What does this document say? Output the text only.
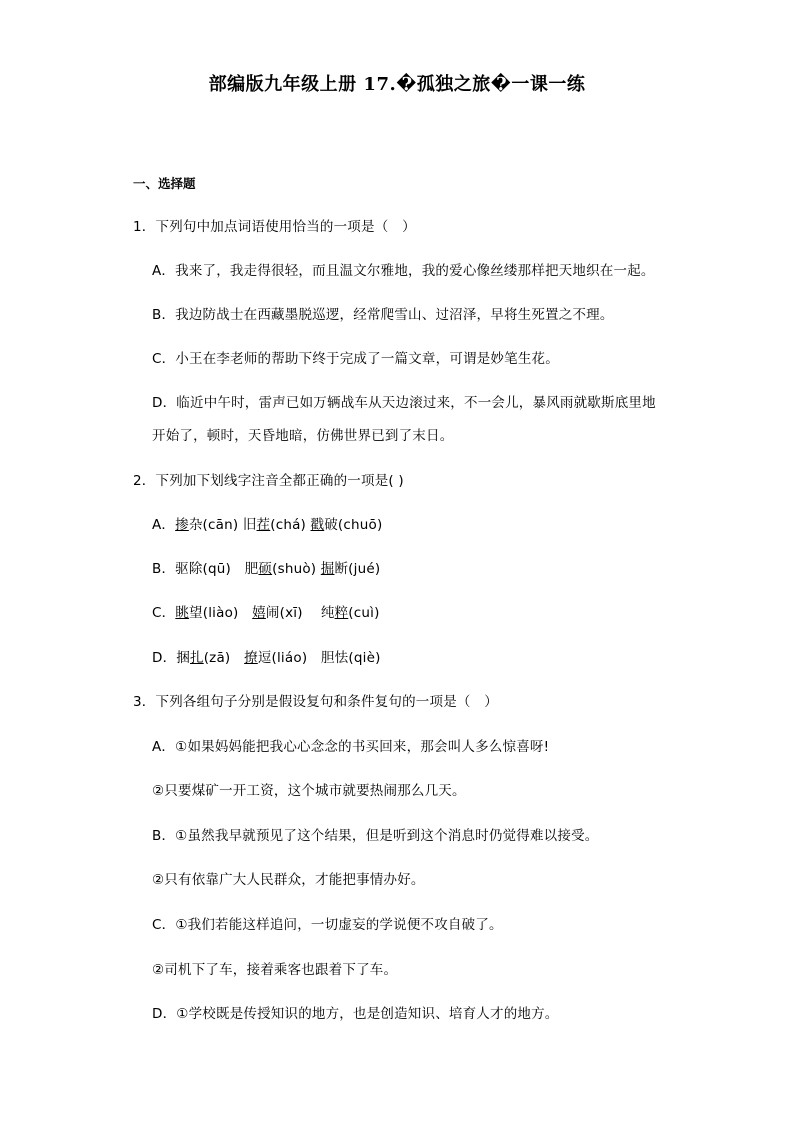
部编版九年级上册 17.�孤独之旅�一课一练
一、选择题
1．下列句中加点词语使用恰当的一项是（　）
A．我来了，我走得很轻，而且温文尔雅地，我的爱心像丝缕那样把天地织在一起。
B．我边防战士在西藏墨脱巡逻，经常爬雪山、过沼泽，早将生死置之不理。
C．小王在李老师的帮助下终于完成了一篇文章，可谓是妙笔生花。
D．临近中午时，雷声已如万辆战车从天边滚过来，不一会儿，暴风雨就歇斯底里地
开始了，顿时，天昏地暗，仿佛世界已到了末日。
2．下列加下划线字注音全都正确的一项是( )
A．掺杂(cān) 旧茬(chá) 戳破(chuō)
B．驱除(qū)　肥硕(shuò) 掘断(jué)
C．眺望(liào)　嬉闹(xī)　 纯粹(cuì)
D．捆扎(zā)　撩逗(liáo)　胆怯(qiè)
3．下列各组句子分别是假设复句和条件复句的一项是（　）
A．①如果妈妈能把我心心念念的书买回来，那会叫人多么惊喜呀!
②只要煤矿一开工资，这个城市就要热闹那么几天。
B．①虽然我早就预见了这个结果，但是听到这个消息时仍觉得难以接受。
②只有依靠广大人民群众，才能把事情办好。
C．①我们若能这样追问，一切虚妄的学说便不攻自破了。
②司机下了车，接着乘客也跟着下了车。
D．①学校既是传授知识的地方，也是创造知识、培育人才的地方。
